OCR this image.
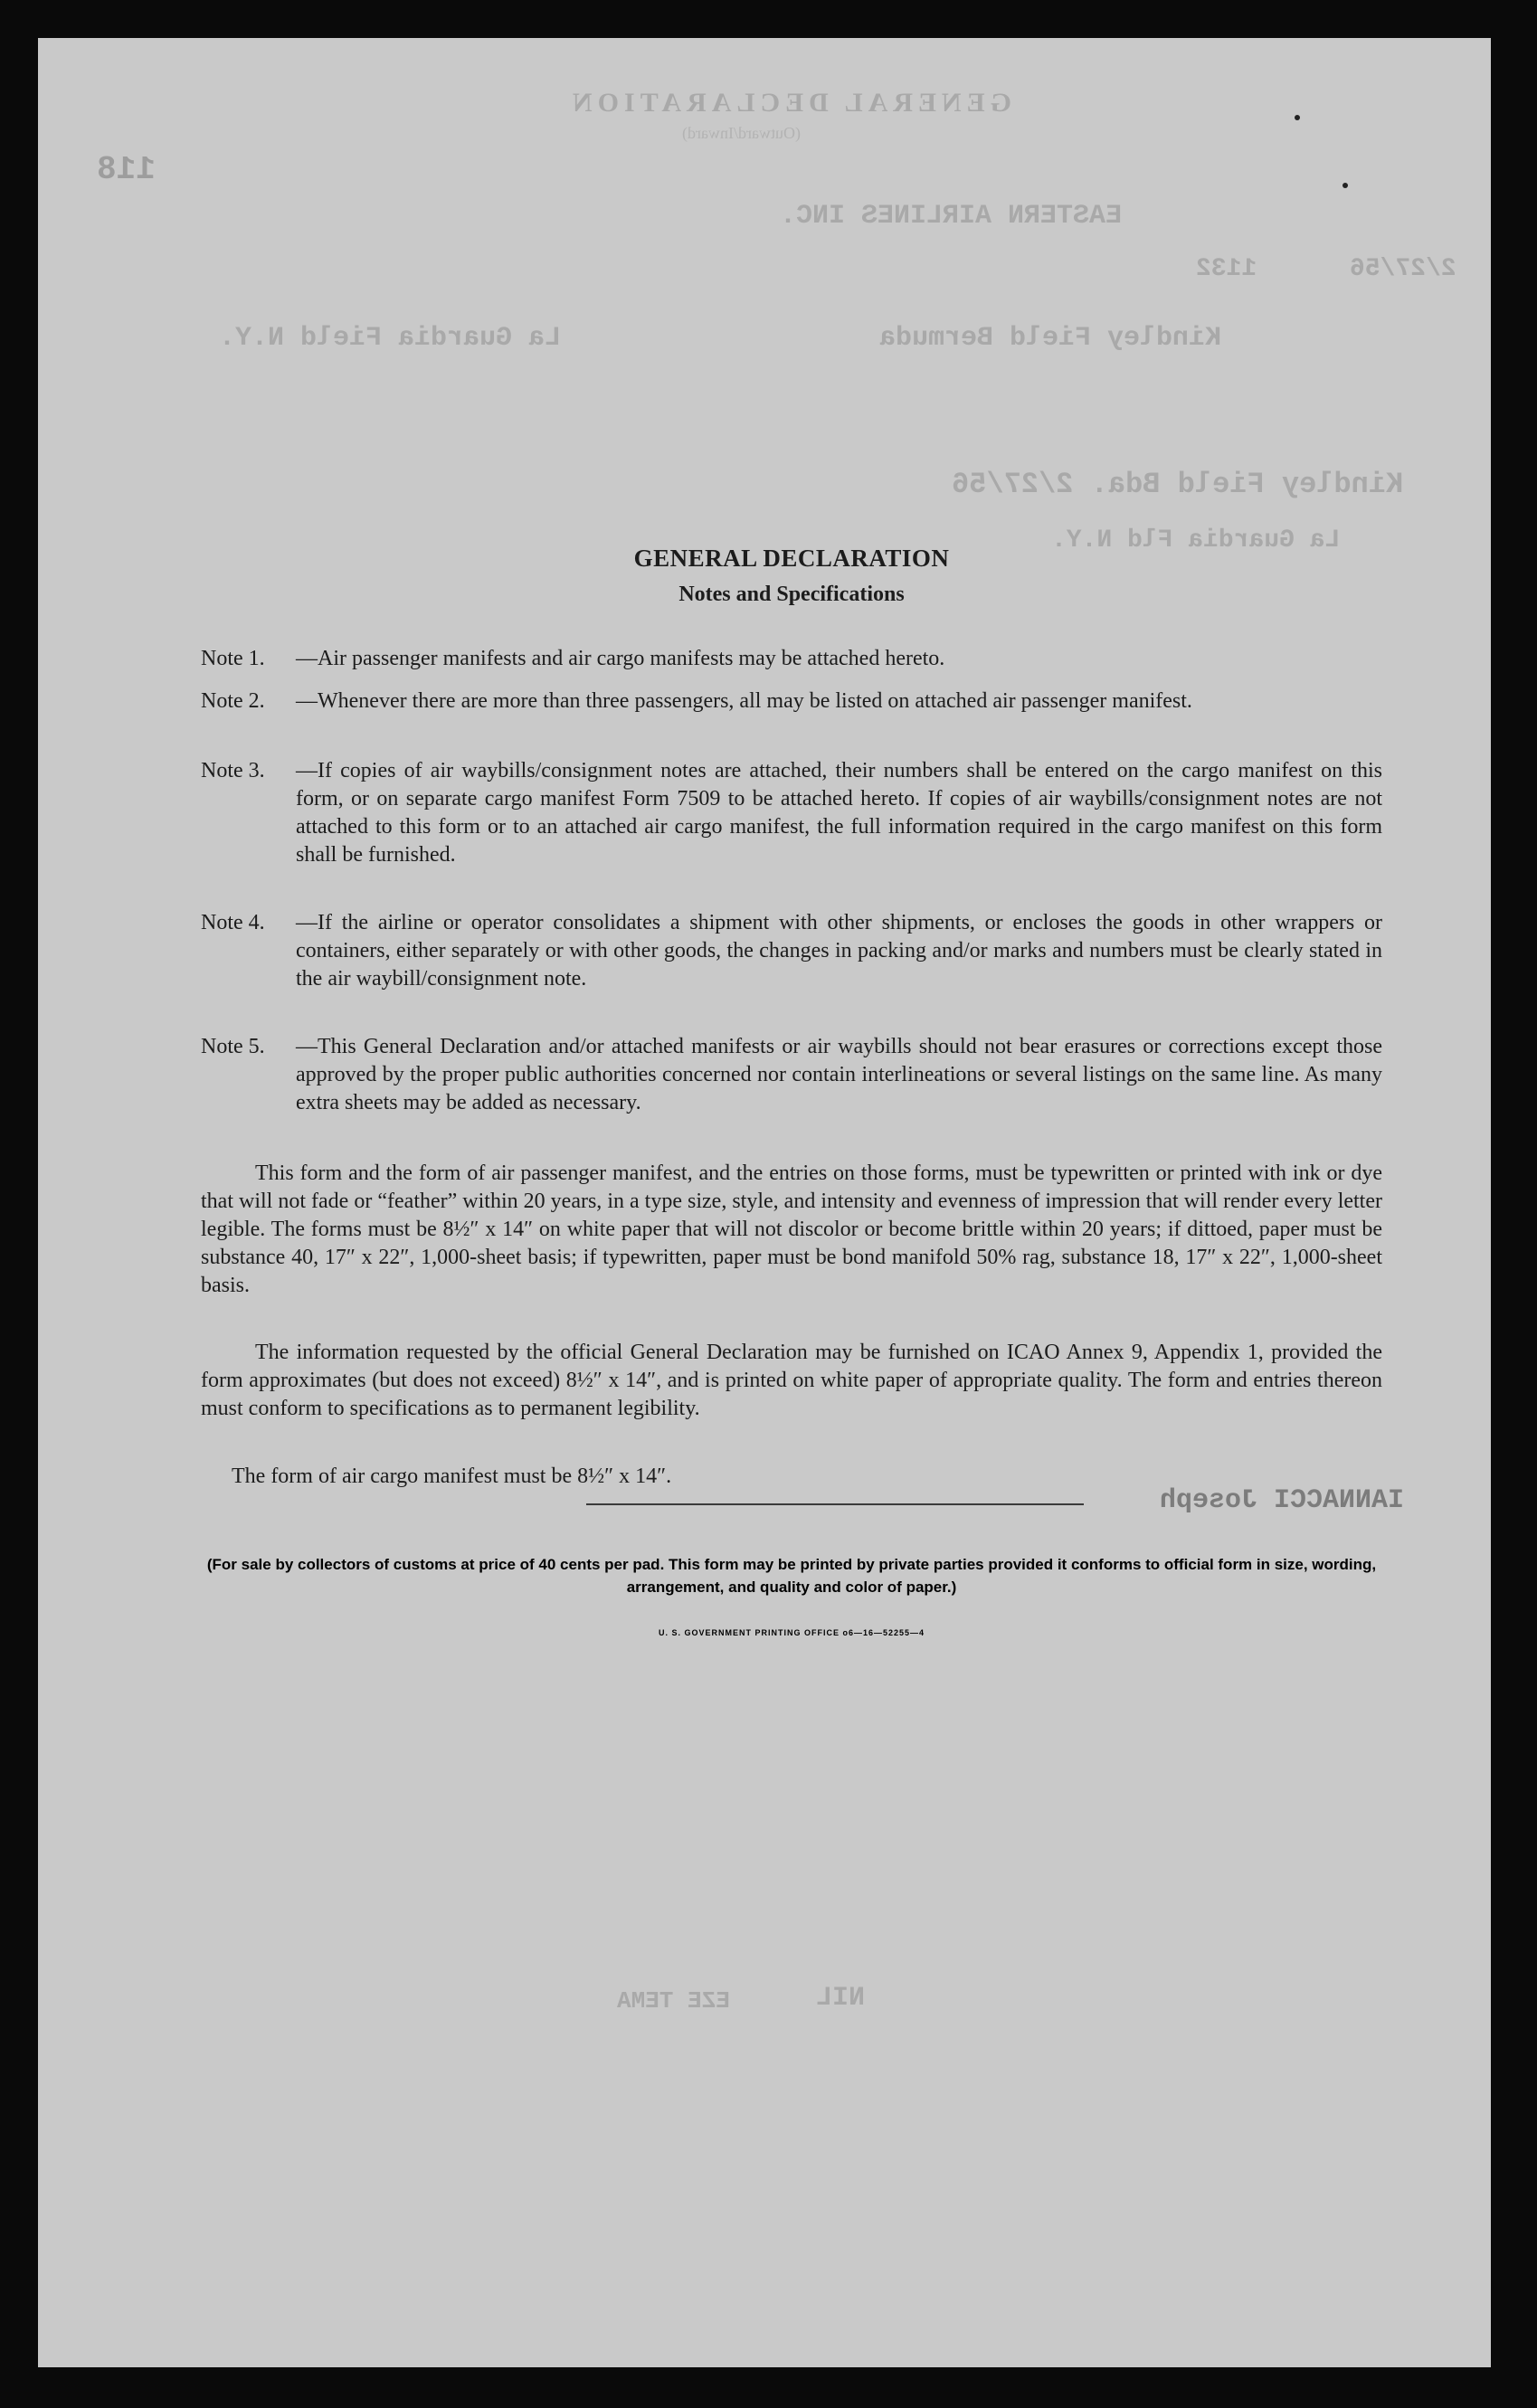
GENERAL DECLARATION
(Outward/Inward)
118
EASTERN AIRLINES INC.
1132	2/27/56
Kindley Field Bermuda
La Guardia Field N.Y.
Kindley Field Bda. 2/27/56
La Guardia Fld N.Y.
IANNACCI Joseph
NIL
EZE TEMA
GENERAL DECLARATION
Notes and Specifications
Note 1.	—Air passenger manifests and air cargo manifests may be attached hereto.
Note 2.	—Whenever there are more than three passengers, all may be listed on attached air passenger manifest.
Note 3.	—If copies of air waybills/consignment notes are attached, their numbers shall be entered on the cargo manifest on this form, or on separate cargo manifest Form 7509 to be attached hereto. If copies of air waybills/consignment notes are not attached to this form or to an attached air cargo manifest, the full information required in the cargo manifest on this form shall be furnished.
Note 4.	—If the airline or operator consolidates a shipment with other shipments, or encloses the goods in other wrappers or containers, either separately or with other goods, the changes in packing and/or marks and numbers must be clearly stated in the air waybill/consignment note.
Note 5.	—This General Declaration and/or attached manifests or air waybills should not bear erasures or corrections except those approved by the proper public authorities concerned nor contain interlineations or several listings on the same line. As many extra sheets may be added as necessary.
This form and the form of air passenger manifest, and the entries on those forms, must be typewritten or printed with ink or dye that will not fade or “feather” within 20 years, in a type size, style, and intensity and evenness of impression that will render every letter legible. The forms must be 8½″ x 14″ on white paper that will not discolor or become brittle within 20 years; if dittoed, paper must be substance 40, 17″ x 22″, 1,000-sheet basis; if typewritten, paper must be bond manifold 50% rag, substance 18, 17″ x 22″, 1,000-sheet basis.
The information requested by the official General Declaration may be furnished on ICAO Annex 9, Appendix 1, provided the form approximates (but does not exceed) 8½″ x 14″, and is printed on white paper of appropriate quality. The form and entries thereon must conform to specifications as to permanent legibility.
The form of air cargo manifest must be 8½″ x 14″.
(For sale by collectors of customs at price of 40 cents per pad. This form may be printed by private parties provided it conforms to official form in size, wording, arrangement, and quality and color of paper.)
U. S. GOVERNMENT PRINTING OFFICE o6—16—52255—4
